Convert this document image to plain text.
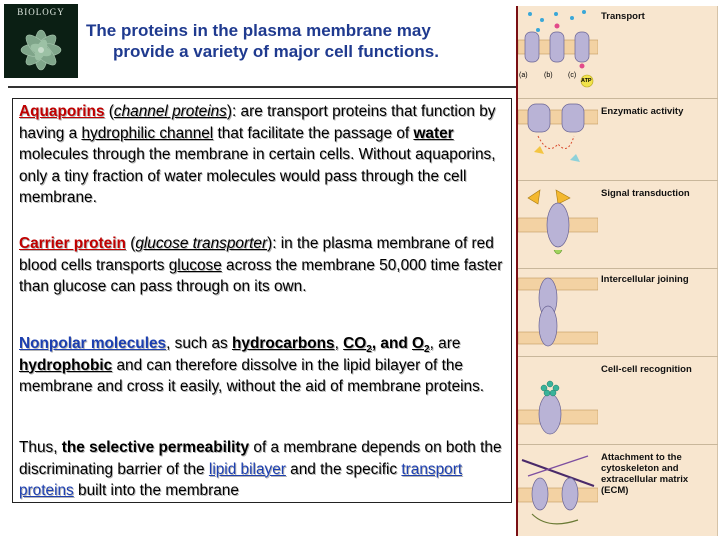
BIOLOGY
The proteins in the plasma membrane may
provide a variety of major cell functions.
Aquaporins (channel proteins): are transport proteins that function by having a hydrophilic channel that facilitate the passage of water molecules through the membrane in certain cells. Without aquaporins, only a tiny fraction of water molecules would pass through the cell membrane.
Carrier protein (glucose transporter): in the plasma membrane of red blood cells transports glucose across the membrane 50,000 time faster than glucose can pass through on its own.
Nonpolar molecules, such as hydrocarbons, $CO_2$, and $O_2$, are hydrophobic and can therefore dissolve in the lipid bilayer of the membrane and cross it easily, without the aid of membrane proteins.
Thus, the selective permeability of a membrane depends on both the discriminating barrier of the lipid bilayer and the specific transport proteins built into the membrane
(a) (b) (c)
ATP
Transport
Enzymatic activity
Signal transduction
Intercellular joining
Cell-cell recognition
Attachment to the cytoskeleton and extracellular matrix (ECM)
